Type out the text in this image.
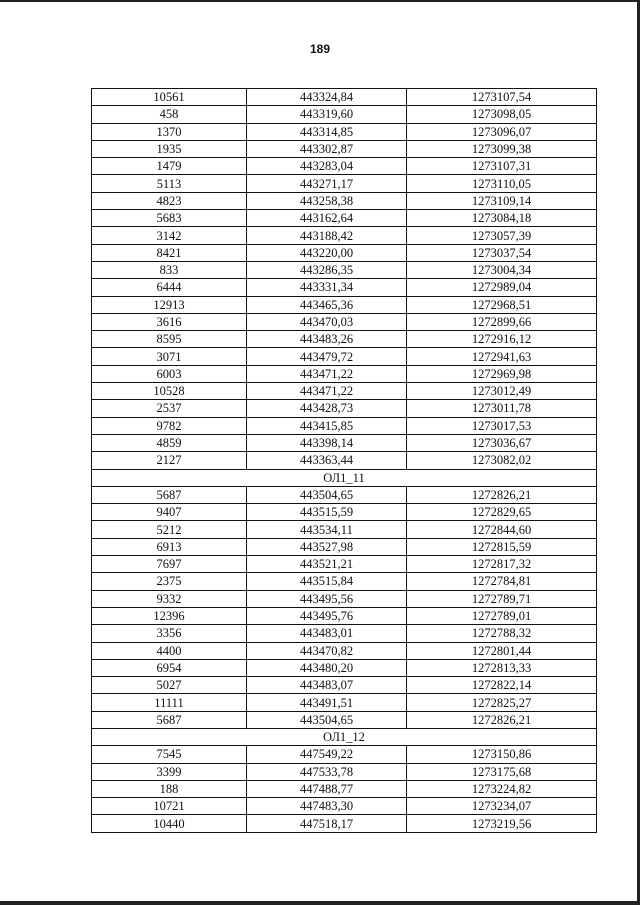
189
10561	443324,84	1273107,54
458	443319,60	1273098,05
1370	443314,85	1273096,07
1935	443302,87	1273099,38
1479	443283,04	1273107,31
5113	443271,17	1273110,05
4823	443258,38	1273109,14
5683	443162,64	1273084,18
3142	443188,42	1273057,39
8421	443220,00	1273037,54
833	443286,35	1273004,34
6444	443331,34	1272989,04
12913	443465,36	1272968,51
3616	443470,03	1272899,66
8595	443483,26	1272916,12
3071	443479,72	1272941,63
6003	443471,22	1272969,98
10528	443471,22	1273012,49
2537	443428,73	1273011,78
9782	443415,85	1273017,53
4859	443398,14	1273036,67
2127	443363,44	1273082,02
ОЛ1_11		
5687	443504,65	1272826,21
9407	443515,59	1272829,65
5212	443534,11	1272844,60
6913	443527,98	1272815,59
7697	443521,21	1272817,32
2375	443515,84	1272784,81
9332	443495,56	1272789,71
12396	443495,76	1272789,01
3356	443483,01	1272788,32
4400	443470,82	1272801,44
6954	443480,20	1272813,33
5027	443483,07	1272822,14
11111	443491,51	1272825,27
5687	443504,65	1272826,21
ОЛ1_12		
7545	447549,22	1273150,86
3399	447533,78	1273175,68
188	447488,77	1273224,82
10721	447483,30	1273234,07
10440	447518,17	1273219,56
